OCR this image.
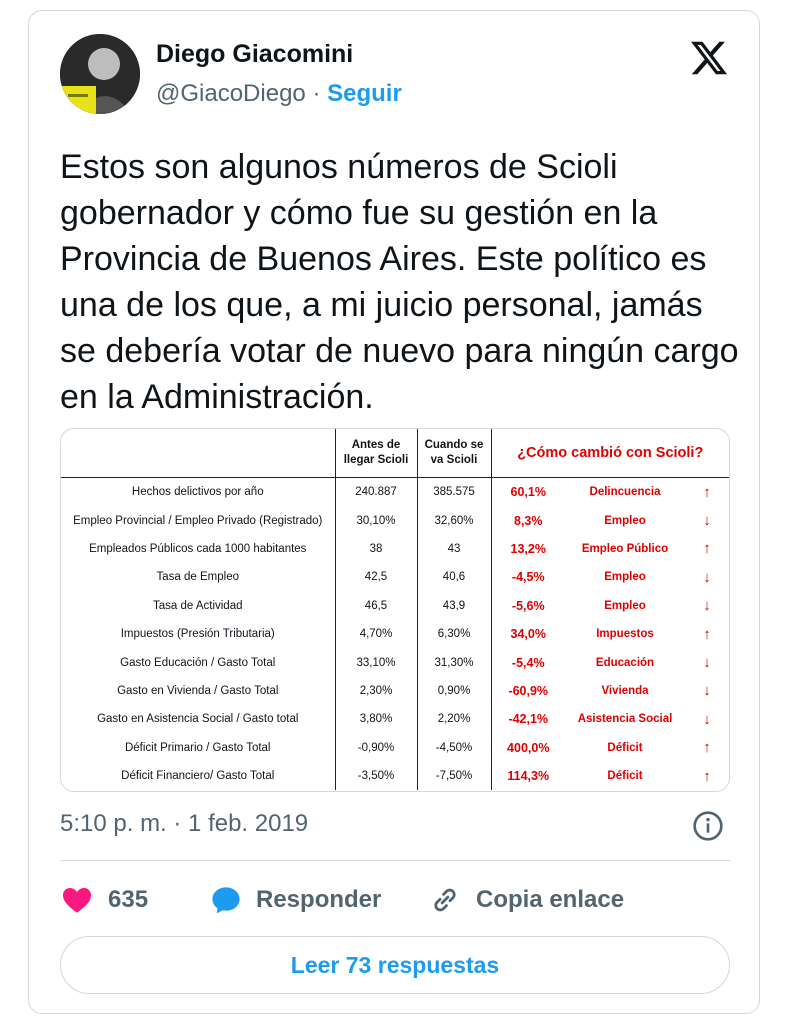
Diego Giacomini
@GiacoDiego · Seguir
Estos son algunos números de Scioli gobernador y cómo fue su gestión en la Provincia de Buenos Aires. Este político es una de los que, a mi juicio personal, jamás se debería votar de nuevo para ningún cargo en la Administración.
	Antes de llegar Scioli	Cuando se va Scioli	¿Cómo cambió con Scioli?		
Hechos delictivos por año	240.887	385.575	60,1%	Delincuencia	↑
Empleo Provincial / Empleo Privado (Registrado)	30,10%	32,60%	8,3%	Empleo	↓
Empleados Públicos cada 1000 habitantes	38	43	13,2%	Empleo Público	↑
Tasa de Empleo	42,5	40,6	-4,5%	Empleo	↓
Tasa de Actividad	46,5	43,9	-5,6%	Empleo	↓
Impuestos (Presión Tributaria)	4,70%	6,30%	34,0%	Impuestos	↑
Gasto Educación / Gasto Total	33,10%	31,30%	-5,4%	Educación	↓
Gasto en Vivienda / Gasto Total	2,30%	0,90%	-60,9%	Vivienda	↓
Gasto en Asistencia Social / Gasto total	3,80%	2,20%	-42,1%	Asistencia Social	↓
Déficit Primario / Gasto Total	-0,90%	-4,50%	400,0%	Déficit	↑
Déficit Financiero/ Gasto Total	-3,50%	-7,50%	114,3%	Déficit	↑
5:10 p. m. · 1 feb. 2019
635	Responder	Copia enlace
Leer 73 respuestas
